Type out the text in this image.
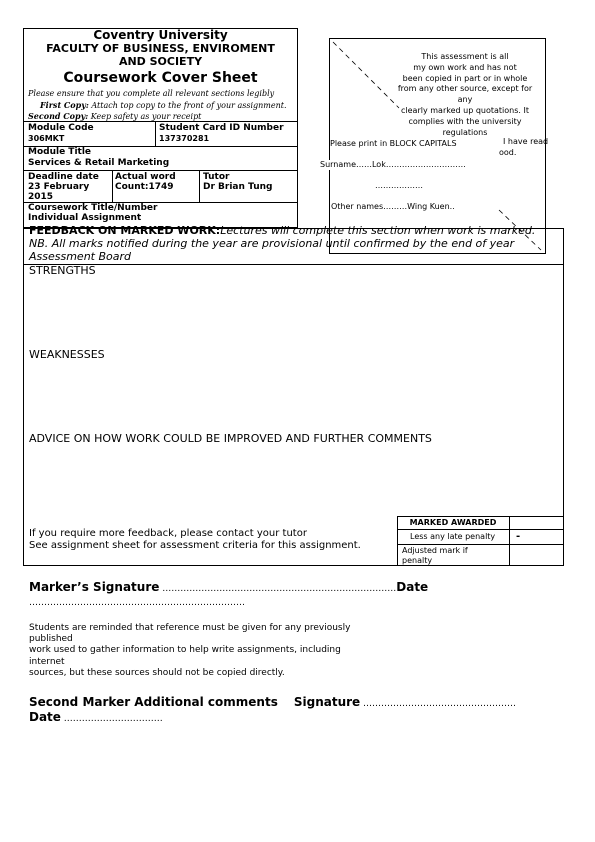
Coventry University
FACULTY OF BUSINESS, ENVIROMENT
AND SOCIETY
Coursework Cover Sheet
Please ensure that you complete all relevant sections legibly
First Copy: Attach top copy to the front of your assignment.
Second Copy: Keep safety as your receipt
Module Code
306MKT
Student Card ID Number
137370281
Module Title
Services & Retail Marketing
Deadline date
23 February
2015
Actual word
Count:1749
Tutor
Dr Brian Tung
Coursework Title/Number
Individual Assignment
This assessment is all
my own work and has not
been copied in part or in whole
from any other source, except for
any
clearly marked up quotations. It
complies with the university
regulations
I have read
ood.
Please print in BLOCK CAPITALS
Surname……Lok…………………………
………………
Other names………Wing Kuen..
FEEDBACK ON MARKED WORK:Lectures will complete this section when work is marked.
NB. All marks notified during the year are provisional until confirmed by the end of year
Assessment Board
STRENGTHS
WEAKNESSES
ADVICE ON HOW WORK COULD BE IMPROVED AND FURTHER COMMENTS
If you require more feedback, please contact your tutor
See assignment sheet for assessment criteria for this assignment.
MARKED AWARDED
Less any late penalty -
Adjusted mark if
penalty
Marker’s Signature ……………………………………………………………………Date
………………………………………………………………
Students are reminded that reference must be given for any previously
published
work used to gather information to help write assignments, including
internet
sources, but these sources should not be copied directly.
Second Marker Additional comments Signature ……………………………………………
Date ……………………………
